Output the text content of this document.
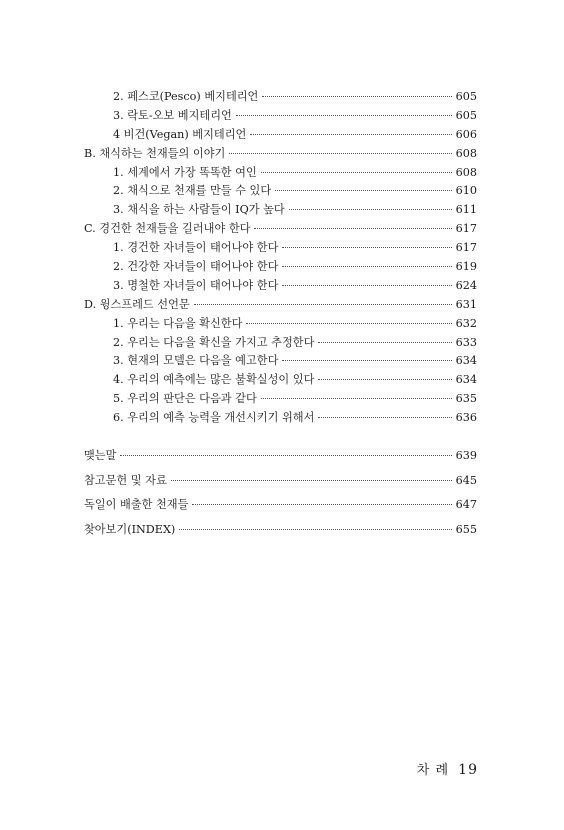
2. 페스코(Pesco) 베지테리언	605
3. 락토-오보 베지테리언	605
4 비건(Vegan) 베지테리언	606
B. 채식하는 천재들의 이야기	608
1. 세계에서 가장 똑똑한 여인	608
2. 채식으로 천재를 만들 수 있다	610
3. 채식을 하는 사람들이 IQ가 높다	611
C. 경건한 천재들을 길러내야 한다	617
1. 경건한 자녀들이 태어나야 한다	617
2. 건강한 자녀들이 태어나야 한다	619
3. 명철한 자녀들이 태어나야 한다	624
D. 윙스프레드 선언문	631
1. 우리는 다음을 확신한다	632
2. 우리는 다음을 확신을 가지고 추정한다	633
3. 현재의 모델은 다음을 예고한다	634
4. 우리의 예측에는 많은 불확실성이 있다	634
5. 우리의 판단은 다음과 같다	635
6. 우리의 예측 능력을 개선시키기 위해서	636
맺는말	639
참고문헌 및 자료	645
독일이 배출한 천재들	647
찾아보기(INDEX)	655
차 례 19
